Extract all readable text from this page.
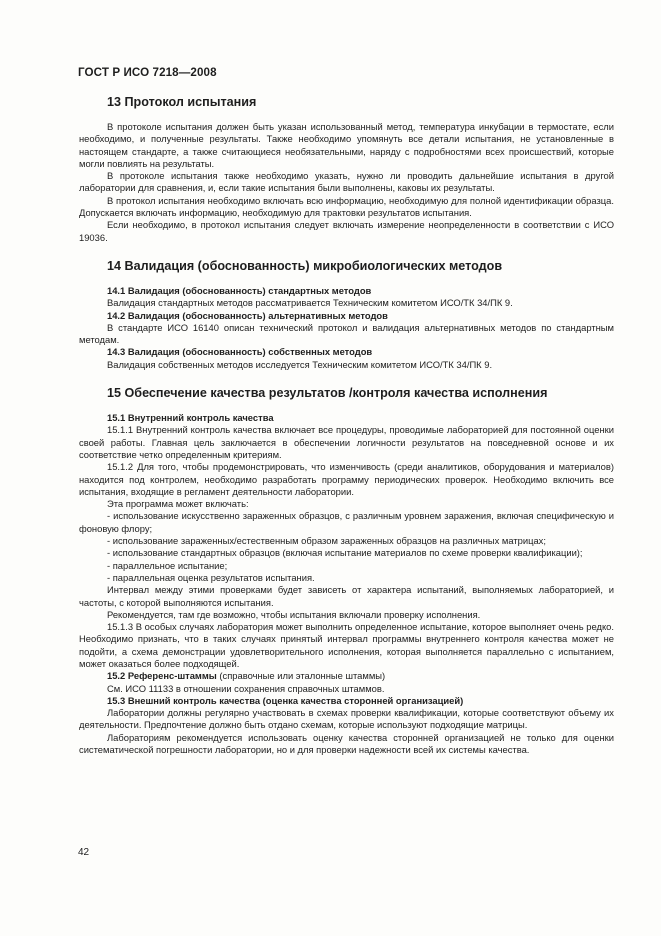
ГОСТ Р ИСО 7218—2008
13 Протокол испытания

В протоколе испытания должен быть указан использованный метод, температура инкубации в термостате, если необходимо, и полученные результаты. Также необходимо упомянуть все детали испытания, не установленные в настоящем стандарте, а также считающиеся необязательными, наряду с подробностями всех происшествий, которые могли повлиять на результаты.

В протоколе испытания также необходимо указать, нужно ли проводить дальнейшие испытания в другой лаборатории для сравнения, и, если такие испытания были выполнены, каковы их результаты.

В протокол испытания необходимо включать всю информацию, необходимую для полной идентификации образца. Допускается включать информацию, необходимую для трактовки результатов испытания.

Если необходимо, в протокол испытания следует включать измерение неопределенности в соответствии с ИСО 19036.

14 Валидация (обоснованность) микробиологических методов
14.1 Валидация (обоснованность) стандартных методов

Валидация стандартных методов рассматривается Техническим комитетом ИСО/ТК 34/ПК 9.

14.2 Валидация (обоснованность) альтернативных методов

В стандарте ИСО 16140 описан технический протокол и валидация альтернативных методов по стандартным методам.

14.3 Валидация (обоснованность) собственных методов

Валидация собственных методов исследуется Техническим комитетом ИСО/ТК 34/ПК 9.

15 Обеспечение качества результатов /контроля качества исполнения
15.1 Внутренний контроль качества

15.1.1 Внутренний контроль качества включает все процедуры, проводимые лабораторией для постоянной оценки своей работы. Главная цель заключается в обеспечении логичности результатов на повседневной основе и их соответствие четко определенным критериям.

15.1.2 Для того, чтобы продемонстрировать, что изменчивость (среди аналитиков, оборудования и материалов) находится под контролем, необходимо разработать программу периодических проверок. Необходимо включить все испытания, входящие в регламент деятельности лаборатории.

Эта программа может включать:

- использование искусственно зараженных образцов, с различным уровнем заражения, включая специфическую и фоновую флору;

- использование зараженных/естественным образом зараженных образцов на различных матрицах;

- использование стандартных образцов (включая испытание материалов по схеме проверки квалификации);

- параллельное испытание;

- параллельная оценка результатов испытания.

Интервал между этими проверками будет зависеть от характера испытаний, выполняемых лабораторией, и частоты, с которой выполняются испытания.

Рекомендуется, там где возможно, чтобы испытания включали проверку исполнения.

15.1.3 В особых случаях лаборатория может выполнить определенное испытание, которое выполняет очень редко. Необходимо признать, что в таких случаях принятый интервал программы внутреннего контроля качества может не подойти, а схема демонстрации удовлетворительного исполнения, которая выполняется параллельно с испытанием, может оказаться более подходящей.

15.2 Референс-штаммы (справочные или эталонные штаммы)

См. ИСО 11133 в отношении сохранения справочных штаммов.

15.3 Внешний контроль качества (оценка качества сторонней организацией)

Лаборатории должны регулярно участвовать в схемах проверки квалификации, которые соответствуют объему их деятельности. Предпочтение должно быть отдано схемам, которые используют подходящие матрицы.

Лабораториям рекомендуется использовать оценку качества сторонней организацией не только для оценки систематической погрешности лаборатории, но и для проверки надежности всей их системы качества.

42
